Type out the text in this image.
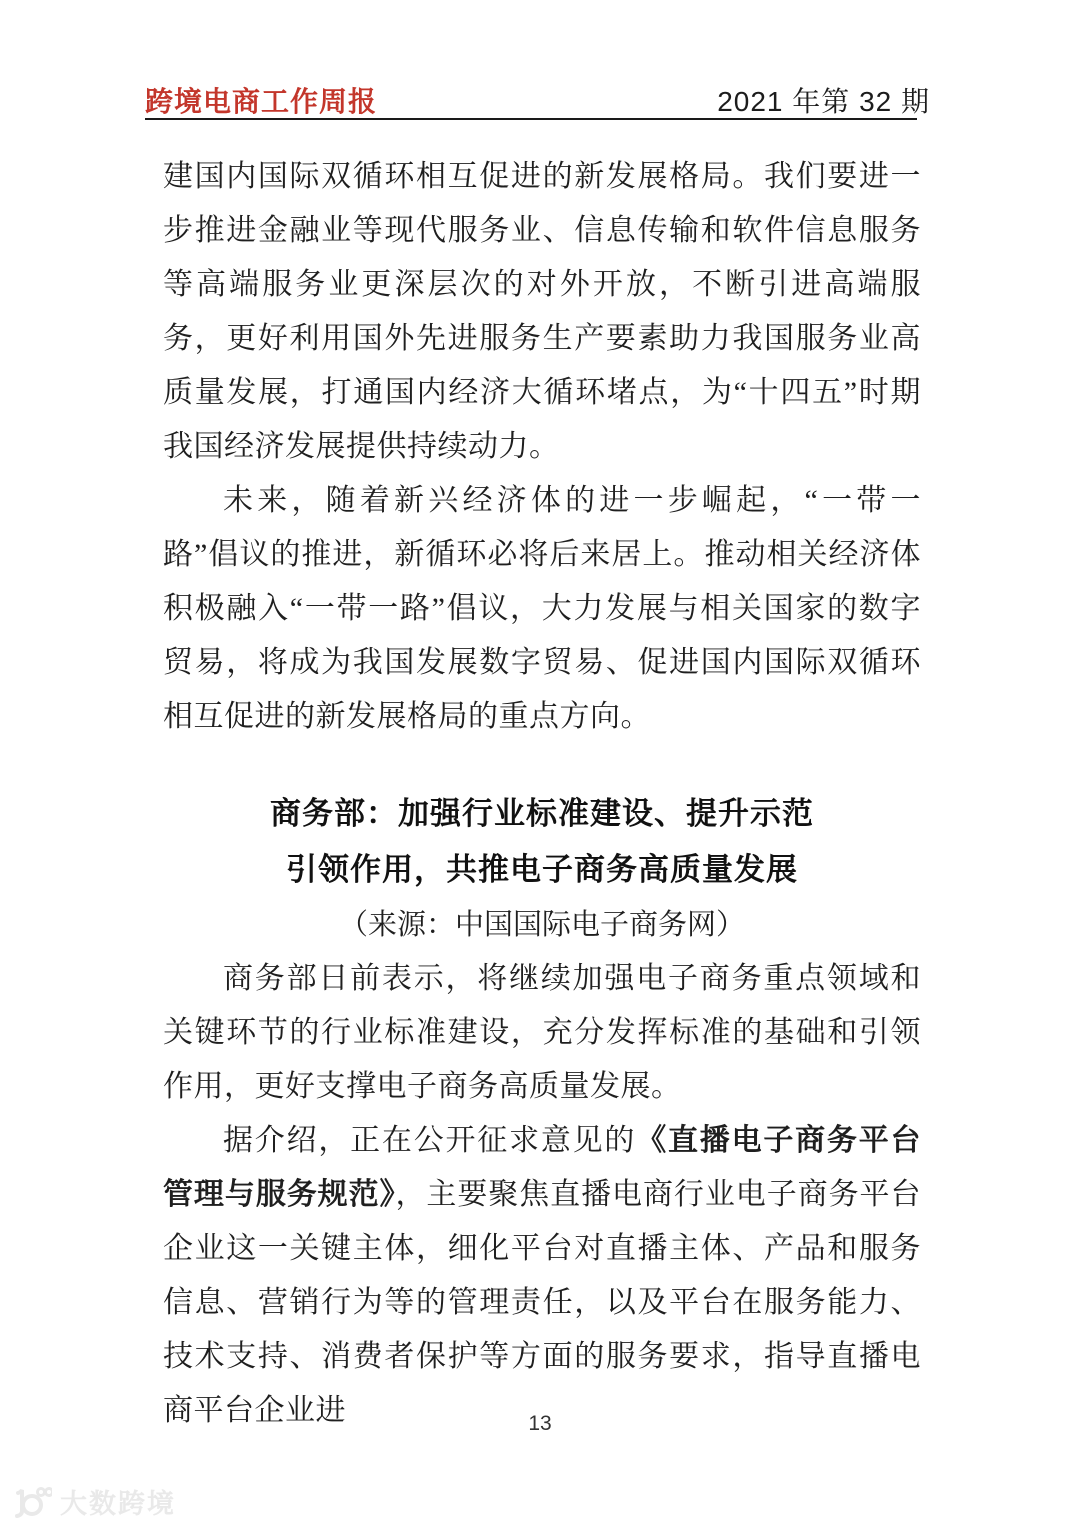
跨境电商工作周报	2021 年第 32 期

建国内国际双循环相互促进的新发展格局。我们要进一步推进金融业等现代服务业、信息传输和软件信息服务等高端服务业更深层次的对外开放，不断引进高端服务，更好利用国外先进服务生产要素助力我国服务业高质量发展，打通国内经济大循环堵点，为“十四五”时期我国经济发展提供持续动力。

未来，随着新兴经济体的进一步崛起，“一带一路”倡议的推进，新循环必将后来居上。推动相关经济体积极融入“一带一路”倡议，大力发展与相关国家的数字贸易，将成为我国发展数字贸易、促进国内国际双循环相互促进的新发展格局的重点方向。

商务部：加强行业标准建设、提升示范
引领作用，共推电子商务高质量发展

（来源：中国国际电子商务网）

商务部日前表示，将继续加强电子商务重点领域和关键环节的行业标准建设，充分发挥标准的基础和引领作用，更好支撑电子商务高质量发展。

据介绍，正在公开征求意见的《直播电子商务平台管理与服务规范》，主要聚焦直播电商行业电子商务平台企业这一关键主体，细化平台对直播主体、产品和服务信息、营销行为等的管理责任，以及平台在服务能力、技术支持、消费者保护等方面的服务要求，指导直播电商平台企业进	13
大数跨境
